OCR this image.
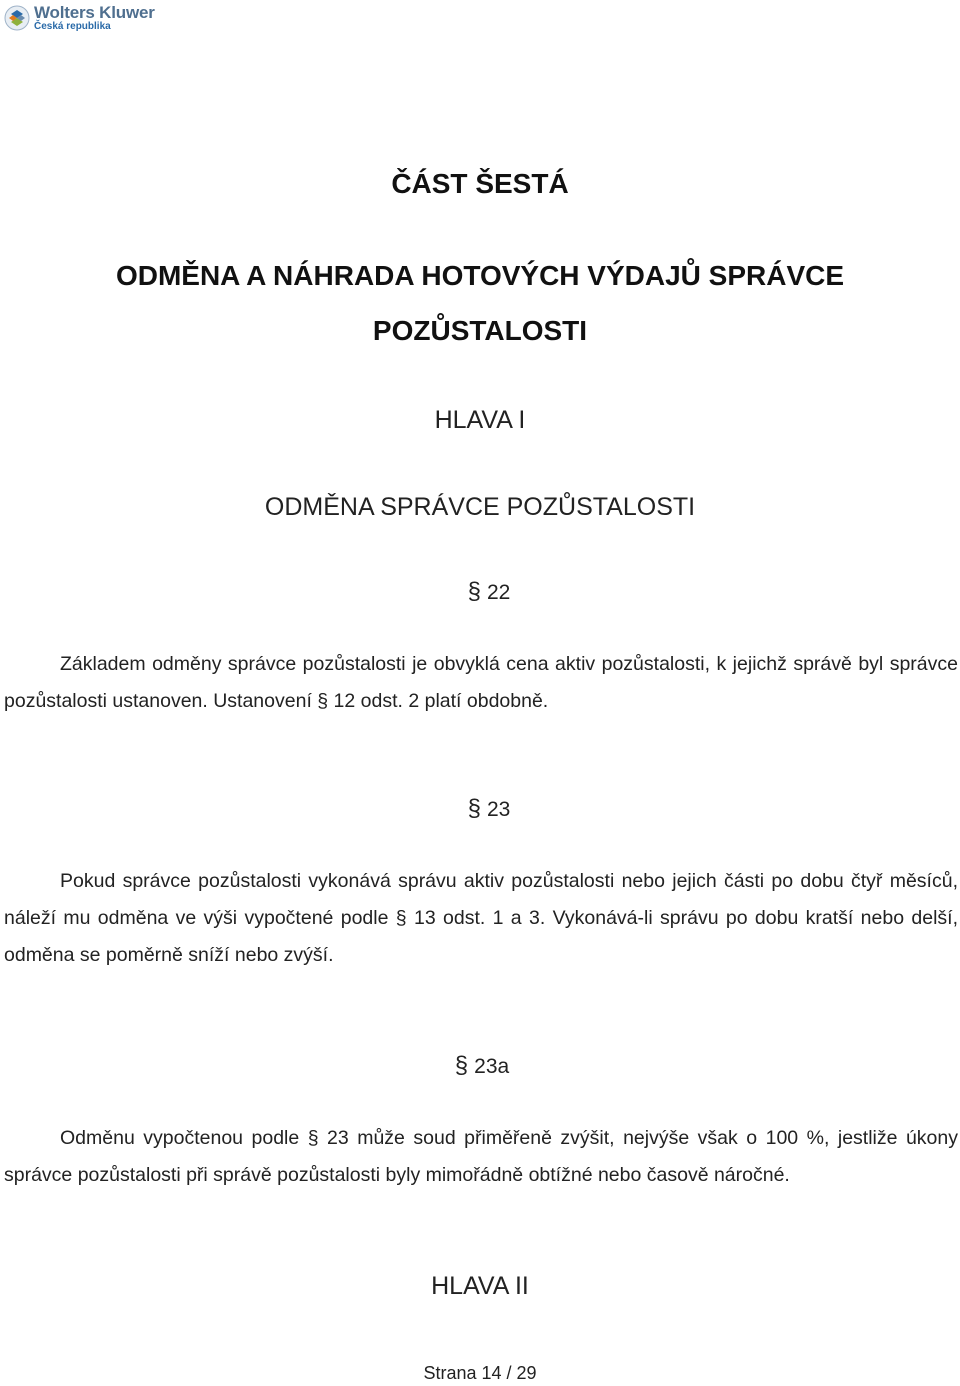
Wolters Kluwer
Česká republika
ČÁST ŠESTÁ
ODMĚNA A NÁHRADA HOTOVÝCH VÝDAJŮ SPRÁVCE
POZŮSTALOSTI
HLAVA I
ODMĚNA SPRÁVCE POZŮSTALOSTI
§ 22

Základem odměny správce pozůstalosti je obvyklá cena aktiv pozůstalosti, k jejichž správě byl správce pozůstalosti ustanoven. Ustanovení § 12 odst. 2 platí obdobně.

§ 23

Pokud správce pozůstalosti vykonává správu aktiv pozůstalosti nebo jejich části po dobu čtyř měsíců, náleží mu odměna ve výši vypočtené podle § 13 odst. 1 a 3. Vykonává-li správu po dobu kratší nebo delší, odměna se poměrně sníží nebo zvýší.

§ 23a

Odměnu vypočtenou podle § 23 může soud přiměřeně zvýšit, nejvýše však o 100 %, jestliže úkony správce pozůstalosti při správě pozůstalosti byly mimořádně obtížné nebo časově náročné.

HLAVA II
Strana 14 / 29
